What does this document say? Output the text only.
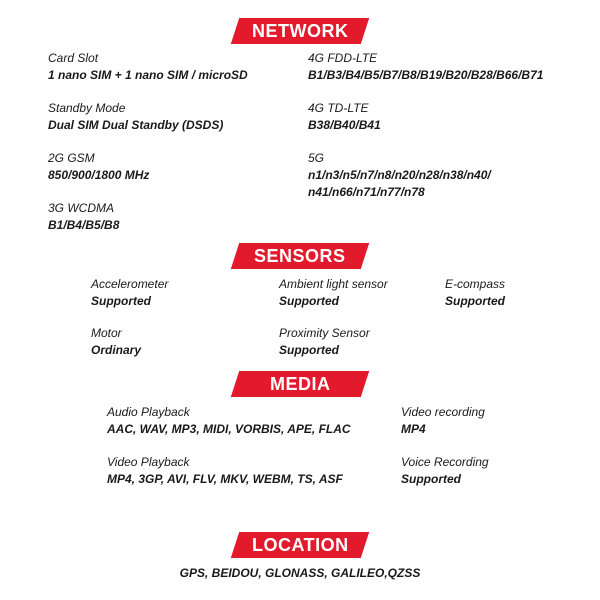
NETWORK
Card Slot
1 nano SIM + 1 nano SIM / microSD
Standby Mode
Dual SIM Dual Standby (DSDS)
2G GSM
850/900/1800 MHz
3G WCDMA
B1/B4/B5/B8
4G FDD-LTE
B1/B3/B4/B5/B7/B8/B19/B20/B28/B66/B71
4G TD-LTE
B38/B40/B41
5G
n1/n3/n5/n7/n8/n20/n28/n38/n40/ n41/n66/n71/n77/n78
SENSORS
Accelerometer
Supported
Ambient light sensor
Supported
E-compass
Supported
Motor
Ordinary
Proximity Sensor
Supported
MEDIA
Audio Playback
AAC, WAV, MP3, MIDI, VORBIS, APE, FLAC
Video recording
MP4
Video Playback
MP4, 3GP, AVI, FLV, MKV, WEBM, TS, ASF
Voice Recording
Supported
LOCATION
GPS, BEIDOU, GLONASS, GALILEO,QZSS
